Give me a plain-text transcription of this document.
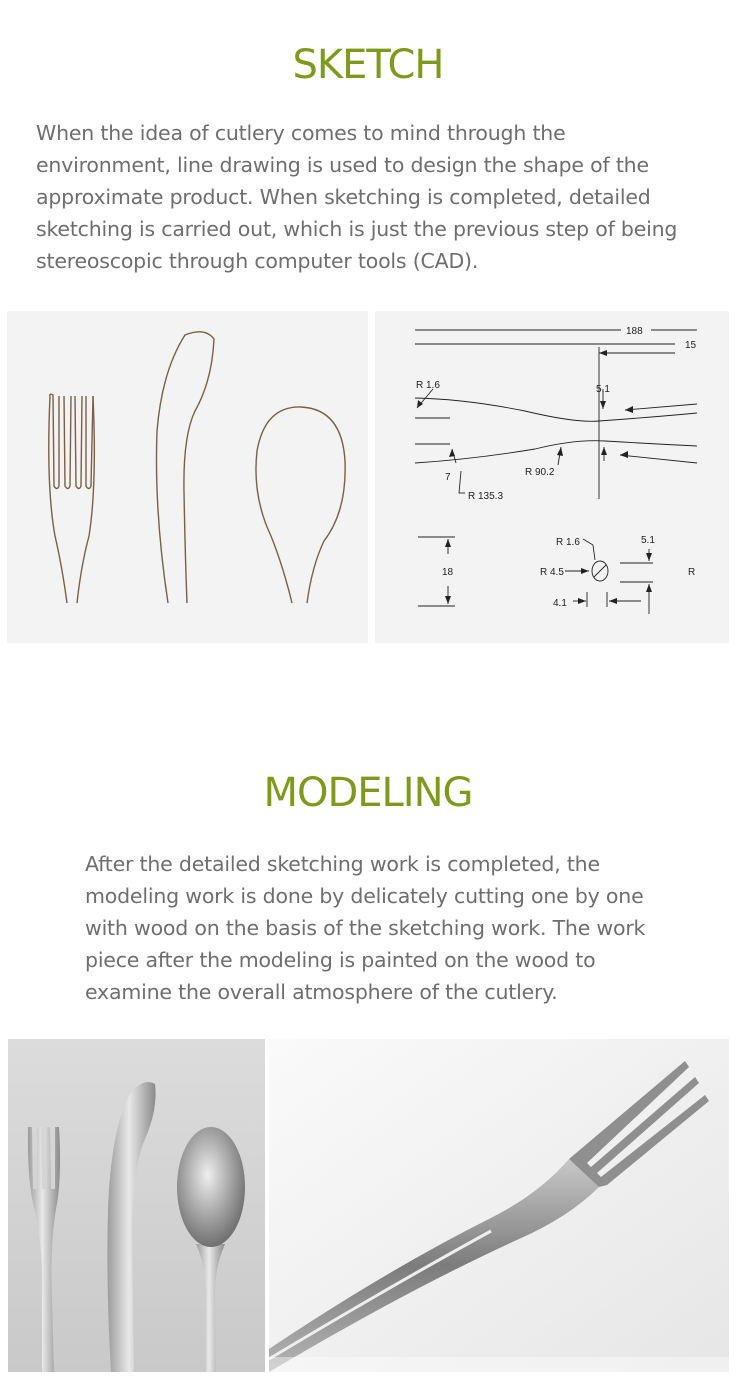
SKETCH

When the idea of cutlery comes to mind through the environment, line drawing is used to design the shape of the approximate product. When sketching is completed, detailed sketching is carried out, which is just the previous step of being stereoscopic through computer tools (CAD).

188
15
R 1.6	5.1
7	R 90.2
R 135.3
18
R 1.6	5.1
R 4.5	R
4.1
MODELING

After the detailed sketching work is completed, the modeling work is done by delicately cutting one by one with wood on the basis of the sketching work. The work piece after the modeling is painted on the wood to examine the overall atmosphere of the cutlery.
